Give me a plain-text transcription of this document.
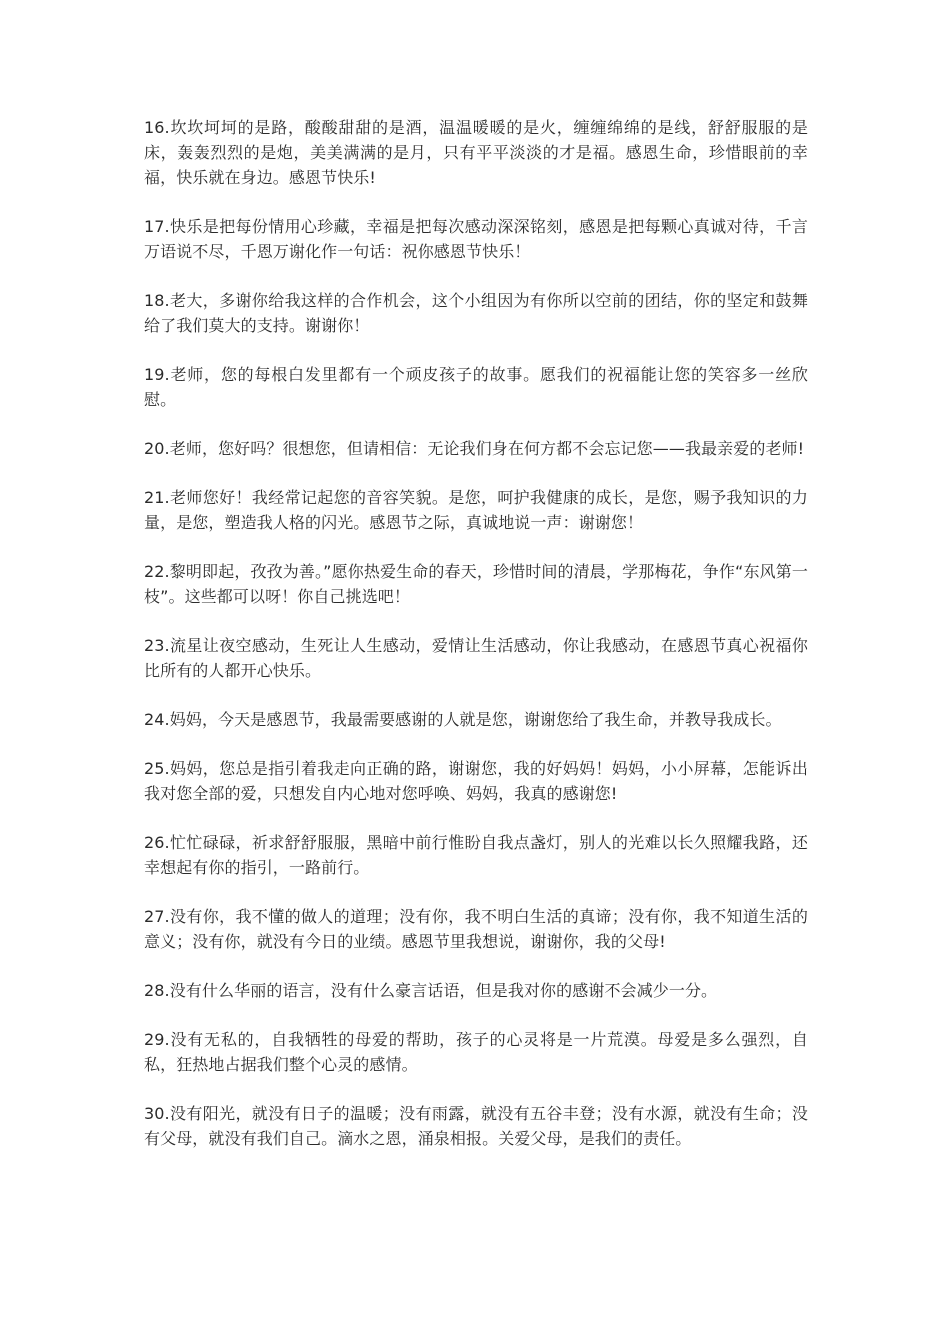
16.坎坎坷坷的是路，酸酸甜甜的是酒，温温暖暖的是火，缠缠绵绵的是线，舒舒服服的是床，轰轰烈烈的是炮，美美满满的是月，只有平平淡淡的才是福。感恩生命，珍惜眼前的幸福，快乐就在身边。感恩节快乐!

17.快乐是把每份情用心珍藏，幸福是把每次感动深深铭刻，感恩是把每颗心真诚对待，千言万语说不尽，千恩万谢化作一句话：祝你感恩节快乐！

18.老大，多谢你给我这样的合作机会，这个小组因为有你所以空前的团结，你的坚定和鼓舞给了我们莫大的支持。谢谢你！

19.老师，您的每根白发里都有一个顽皮孩子的故事。愿我们的祝福能让您的笑容多一丝欣慰。

20.老师，您好吗？很想您，但请相信：无论我们身在何方都不会忘记您——我最亲爱的老师!

21.老师您好！我经常记起您的音容笑貌。是您，呵护我健康的成长，是您，赐予我知识的力量，是您，塑造我人格的闪光。感恩节之际，真诚地说一声：谢谢您！

22.黎明即起，孜孜为善。”愿你热爱生命的春天，珍惜时间的清晨，学那梅花，争作“东风第一枝”。这些都可以呀！你自己挑选吧！

23.流星让夜空感动，生死让人生感动，爱情让生活感动，你让我感动，在感恩节真心祝福你比所有的人都开心快乐。

24.妈妈，今天是感恩节，我最需要感谢的人就是您，谢谢您给了我生命，并教导我成长。

25.妈妈，您总是指引着我走向正确的路，谢谢您，我的好妈妈！妈妈，小小屏幕，怎能诉出我对您全部的爱，只想发自内心地对您呼唤、妈妈，我真的感谢您!

26.忙忙碌碌，祈求舒舒服服，黑暗中前行惟盼自我点盏灯，别人的光难以长久照耀我路，还幸想起有你的指引，一路前行。

27.没有你，我不懂的做人的道理；没有你，我不明白生活的真谛；没有你，我不知道生活的意义；没有你，就没有今日的业绩。感恩节里我想说，谢谢你，我的父母!

28.没有什么华丽的语言，没有什么豪言话语，但是我对你的感谢不会减少一分。

29.没有无私的，自我牺牲的母爱的帮助，孩子的心灵将是一片荒漠。母爱是多么强烈，自私，狂热地占据我们整个心灵的感情。

30.没有阳光，就没有日子的温暖；没有雨露，就没有五谷丰登；没有水源，就没有生命；没有父母，就没有我们自己。滴水之恩，涌泉相报。关爱父母，是我们的责任。
